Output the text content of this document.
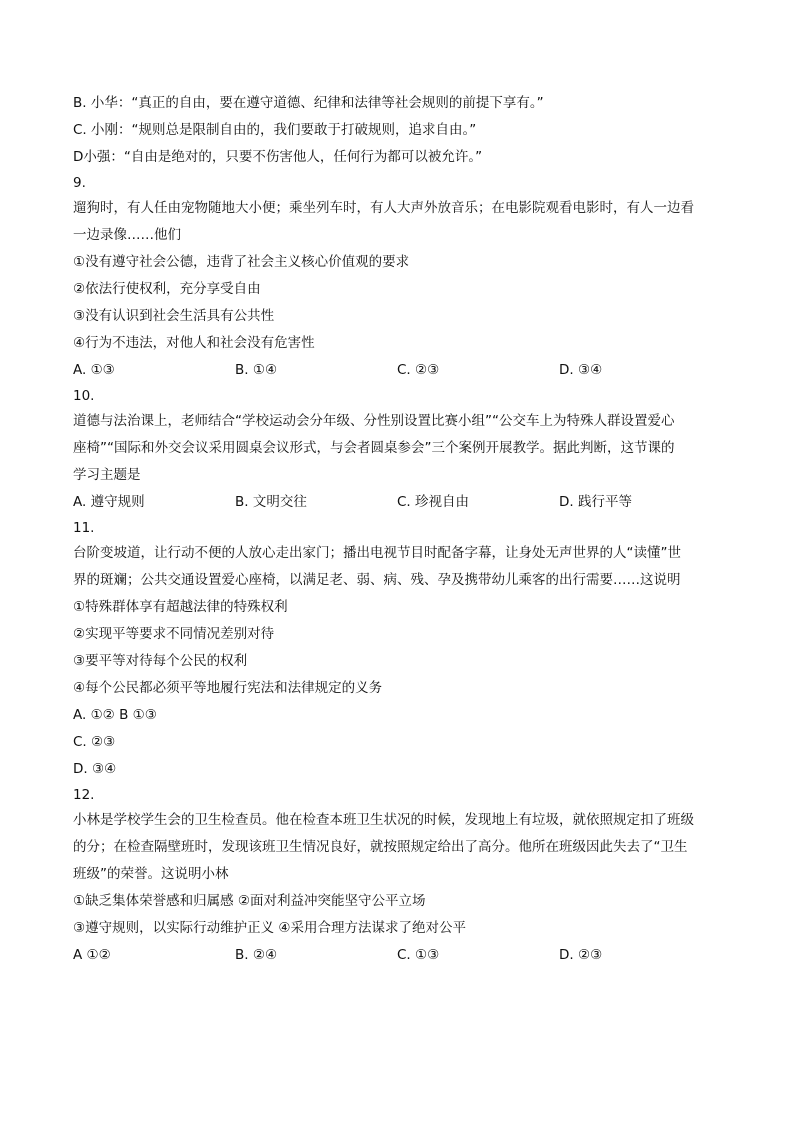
B. 小华：“真正的自由，要在遵守道德、纪律和法律等社会规则的前提下享有。”
C. 小刚：“规则总是限制自由的，我们要敢于打破规则，追求自由。”
D小强：“自由是绝对的，只要不伤害他人，任何行为都可以被允许。”
9.
遛狗时，有人任由宠物随地大小便；乘坐列车时，有人大声外放音乐；在电影院观看电影时，有人一边看
一边录像……他们
①没有遵守社会公德，违背了社会主义核心价值观的要求
②依法行使权利，充分享受自由
③没有认识到社会生活具有公共性
④行为不违法，对他人和社会没有危害性
A. ①③	B. ①④	C. ②③	D. ③④
10.
道德与法治课上，老师结合“学校运动会分年级、分性别设置比赛小组”“公交车上为特殊人群设置爱心
座椅”“国际和外交会议采用圆桌会议形式，与会者圆桌参会”三个案例开展教学。据此判断，这节课的
学习主题是
A. 遵守规则	B. 文明交往	C. 珍视自由	D. 践行平等
11.
台阶变坡道，让行动不便的人放心走出家门；播出电视节目时配备字幕，让身处无声世界的人“读懂”世
界的斑斓；公共交通设置爱心座椅，以满足老、弱、病、残、孕及携带幼儿乘客的出行需要……这说明
①特殊群体享有超越法律的特殊权利
②实现平等要求不同情况差别对待
③要平等对待每个公民的权利
④每个公民都必须平等地履行宪法和法律规定的义务
A. ①② B ①③
C. ②③
D. ③④
12.
小林是学校学生会的卫生检查员。他在检查本班卫生状况的时候，发现地上有垃圾，就依照规定扣了班级
的分；在检查隔壁班时，发现该班卫生情况良好，就按照规定给出了高分。他所在班级因此失去了“卫生
班级”的荣誉。这说明小林
①缺乏集体荣誉感和归属感 ②面对利益冲突能坚守公平立场
③遵守规则，以实际行动维护正义 ④采用合理方法谋求了绝对公平
A ①②	B. ②④	C. ①③	D. ②③
